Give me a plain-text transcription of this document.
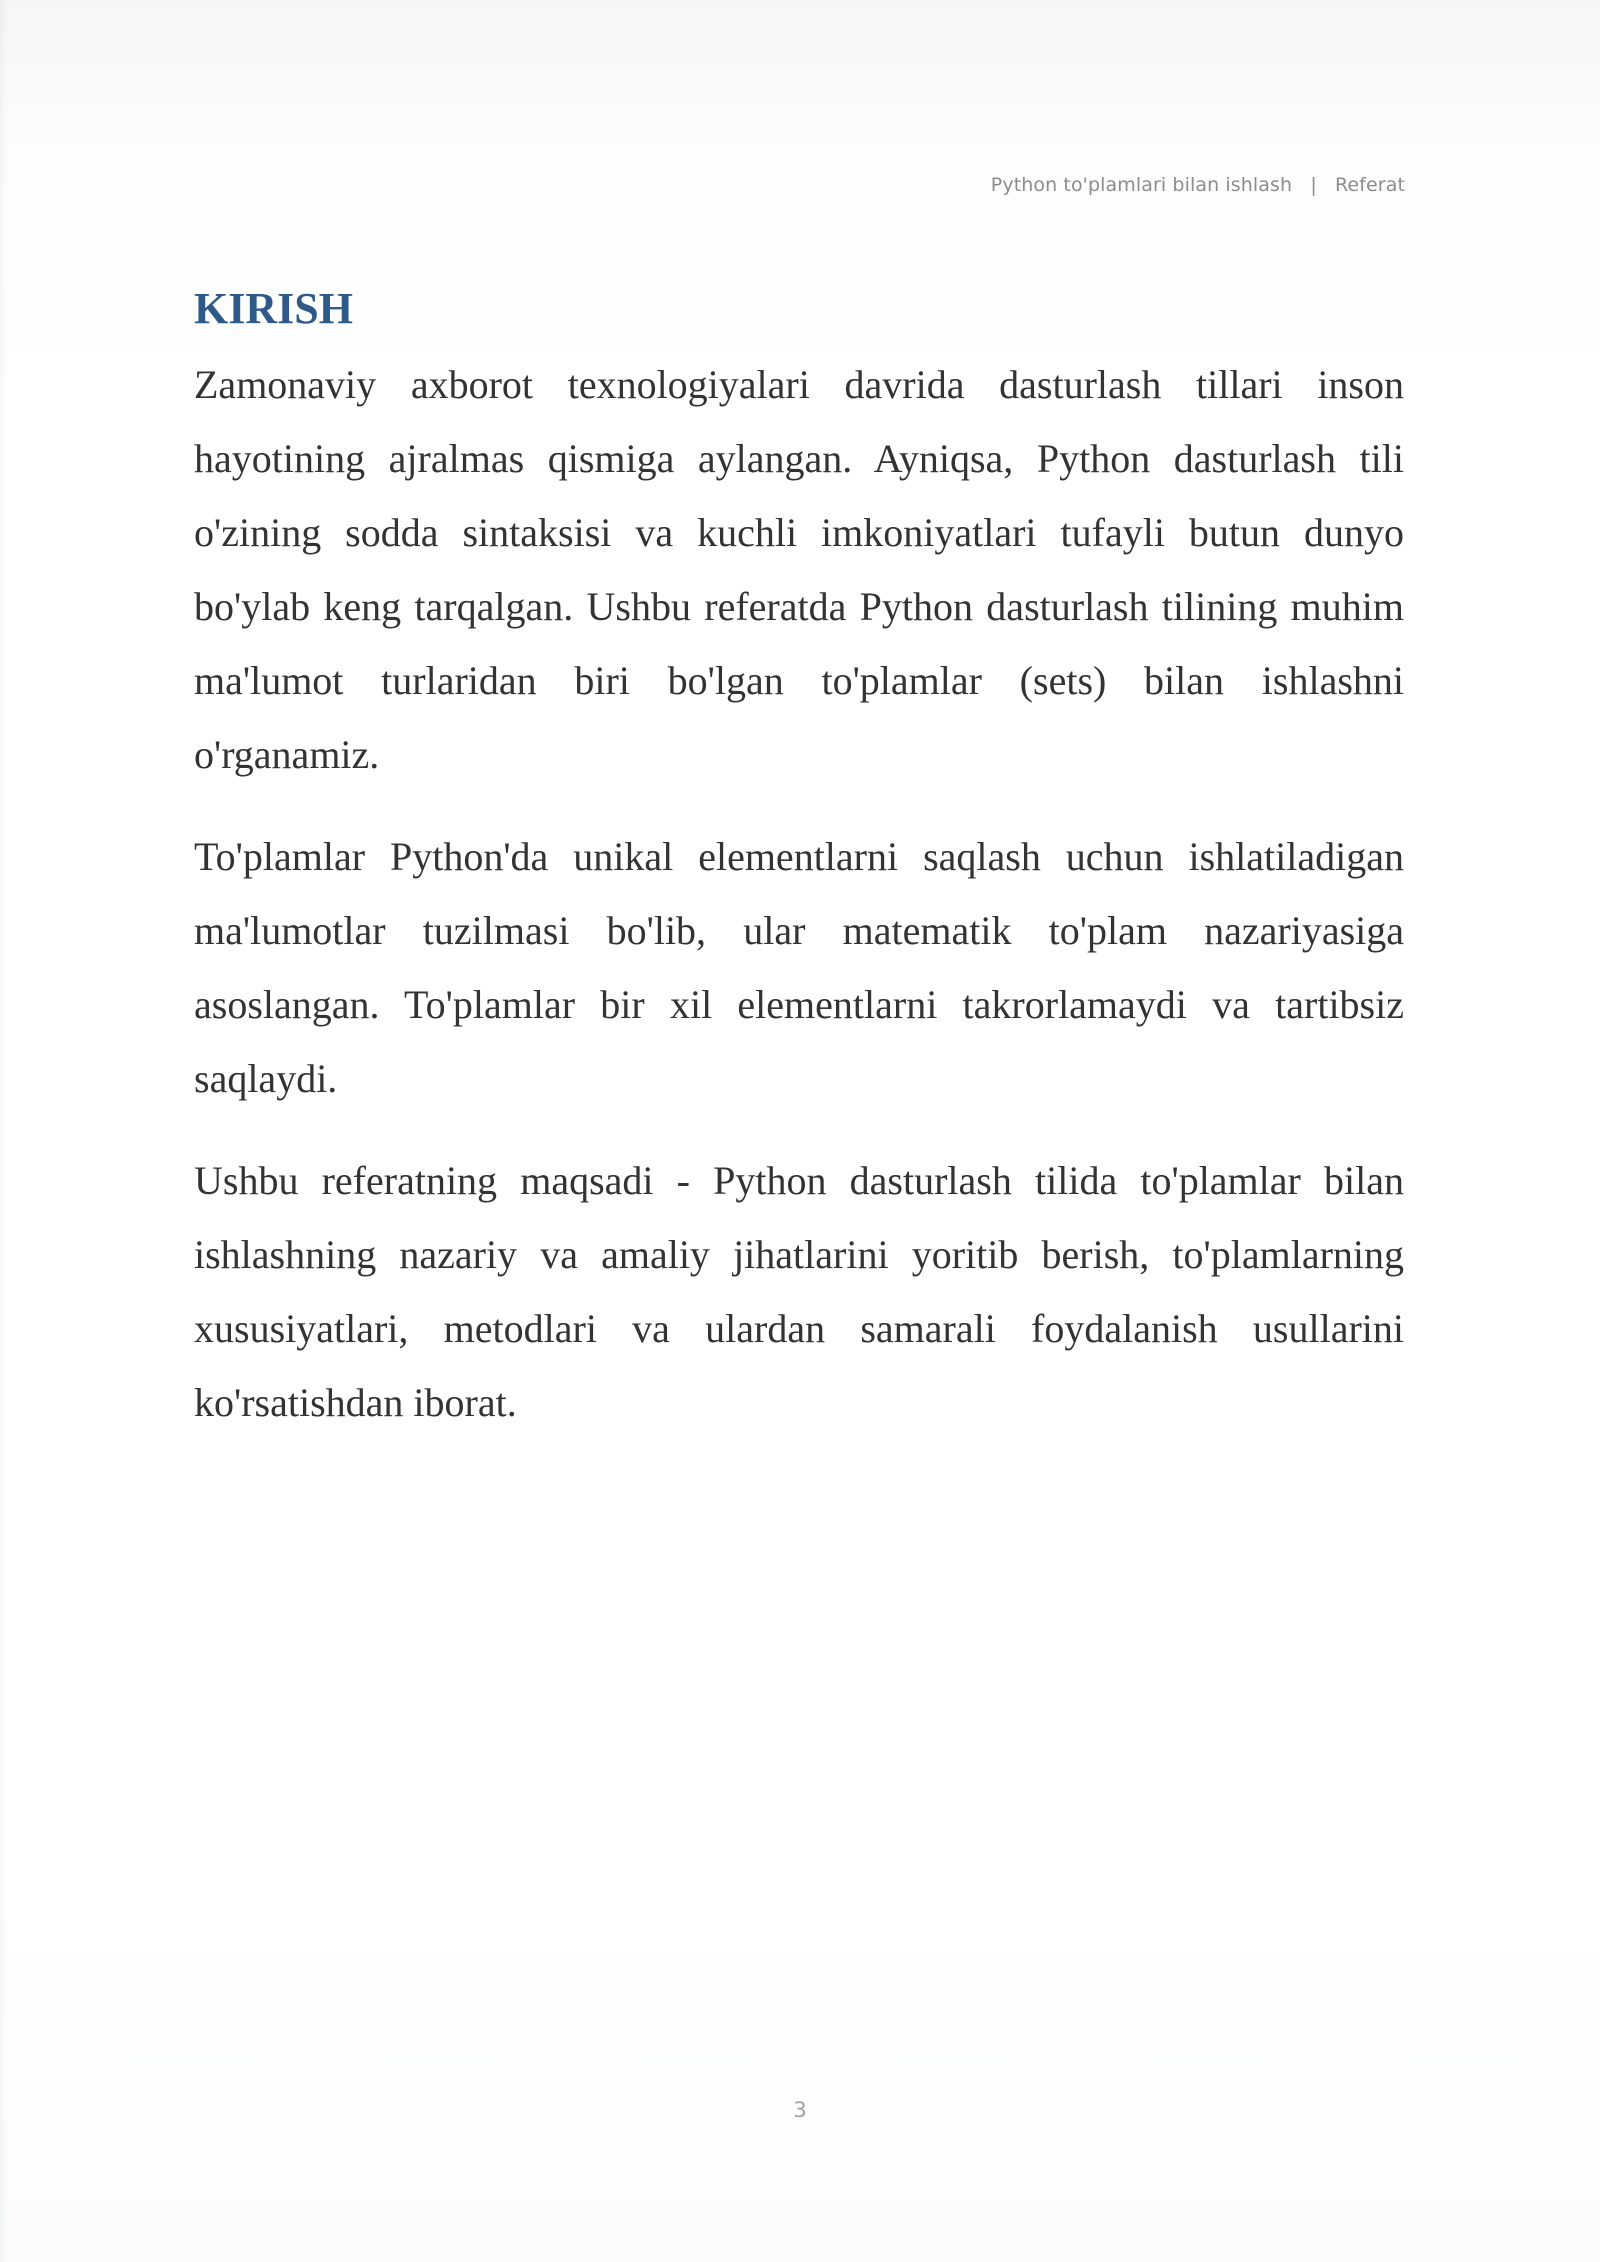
Python to'plamlari bilan ishlash | Referat
KIRISH

Zamonaviy axborot texnologiyalari davrida dasturlash tillari inson hayotining ajralmas qismiga aylangan. Ayniqsa, Python dasturlash tili o'zining sodda sintaksisi va kuchli imkoniyatlari tufayli butun dunyo bo'ylab keng tarqalgan. Ushbu referatda Python dasturlash tilining muhim ma'lumot turlaridan biri bo'lgan to'plamlar (sets) bilan ishlashni o'rganamiz.

To'plamlar Python'da unikal elementlarni saqlash uchun ishlatiladigan ma'lumotlar tuzilmasi bo'lib, ular matematik to'plam nazariyasiga asoslangan. To'plamlar bir xil elementlarni takrorlamaydi va tartibsiz saqlaydi.

Ushbu referatning maqsadi - Python dasturlash tilida to'plamlar bilan ishlashning nazariy va amaliy jihatlarini yoritib berish, to'plamlarning xususiyatlari, metodlari va ulardan samarali foydalanish usullarini ko'rsatishdan iborat.

3
